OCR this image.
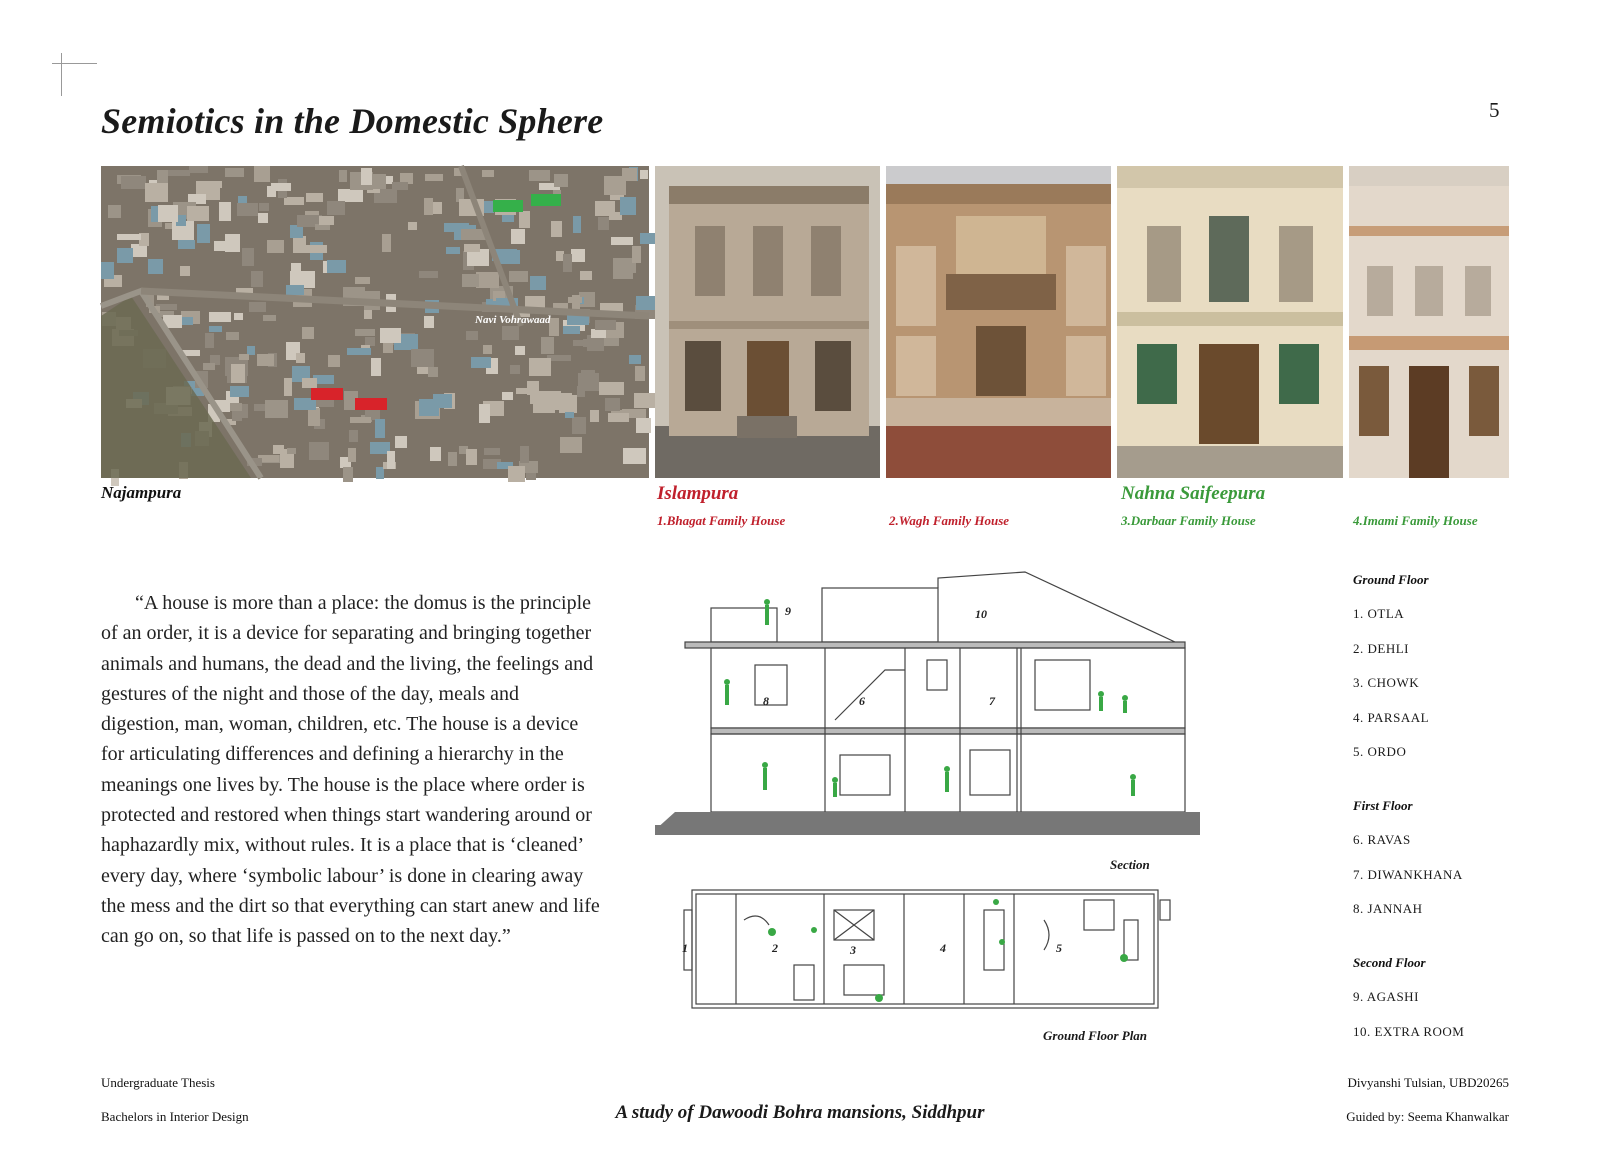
Semiotics in the Domestic Sphere	5
Navi Vohrawaad
Najampura	Islampura	Nahna Saifeepura
1.Bhagat Family House	2.Wagh Family House	3.Darbaar Family House	4.Imami Family House

“A house is more than a place: the domus is the principle of an order, it is a device for separating and bringing together animals and humans, the dead and the living, the feelings and gestures of the night and those of the day, meals and digestion, man, woman, children, etc. The house is a device for articulating differences and defining a hierarchy in the meanings one lives by. The house is the place where order is protected and restored when things start wandering around or haphazardly mix, without rules. It is a place that is ‘cleaned’ every day, where ‘symbolic labour’ is done in clearing away the mess and the dirt so that everything can start anew and life can go on, so that life is passed on to the next day.”

9	10
8	6	7
Section
1	2	3	4	5
Ground Floor Plan
Ground Floor
1. OTLA
2. DEHLI
3. CHOWK
4. PARSAAL
5. ORDO
First Floor
6. RAVAS
7. DIWANKHANA
8. JANNAH
Second Floor
9. AGASHI
10. EXTRA ROOM
Undergraduate Thesis
Bachelors in Interior Design	A study of Dawoodi Bohra mansions, Siddhpur
Divyanshi Tulsian, UBD20265
Guided by: Seema Khanwalkar
